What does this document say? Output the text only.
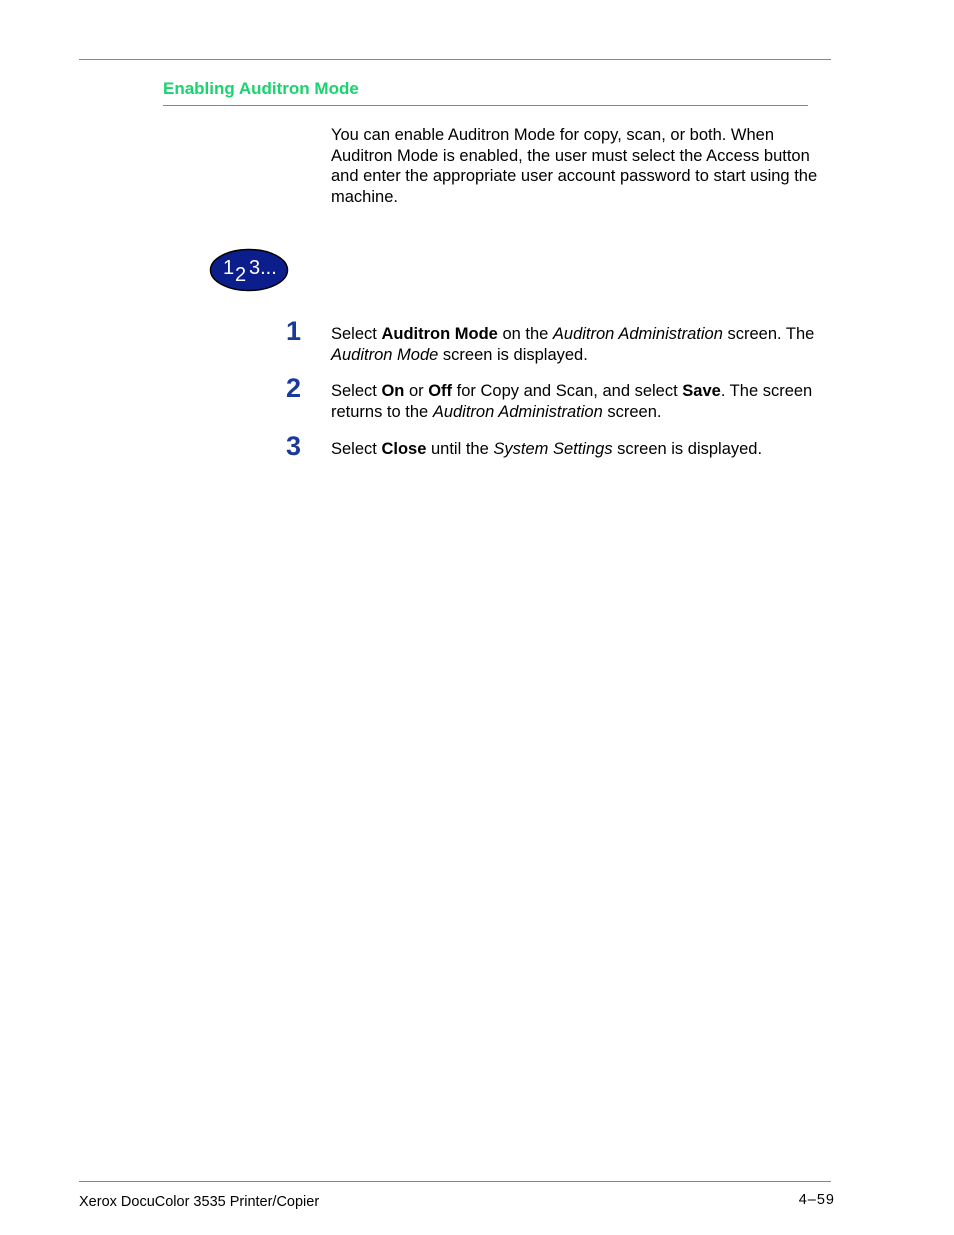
Enabling Auditron Mode

You can enable Auditron Mode for copy, scan, or both. When Auditron Mode is enabled, the user must select the Access button and enter the appropriate user account password to start using the machine.

1 2 3...
1 Select Auditron Mode on the Auditron Administration screen. The Auditron Mode screen is displayed.

2 Select On or Off for Copy and Scan, and select Save. The screen returns to the Auditron Administration screen.

3 Select Close until the System Settings screen is displayed.

Xerox DocuColor 3535 Printer/Copier	4–59
